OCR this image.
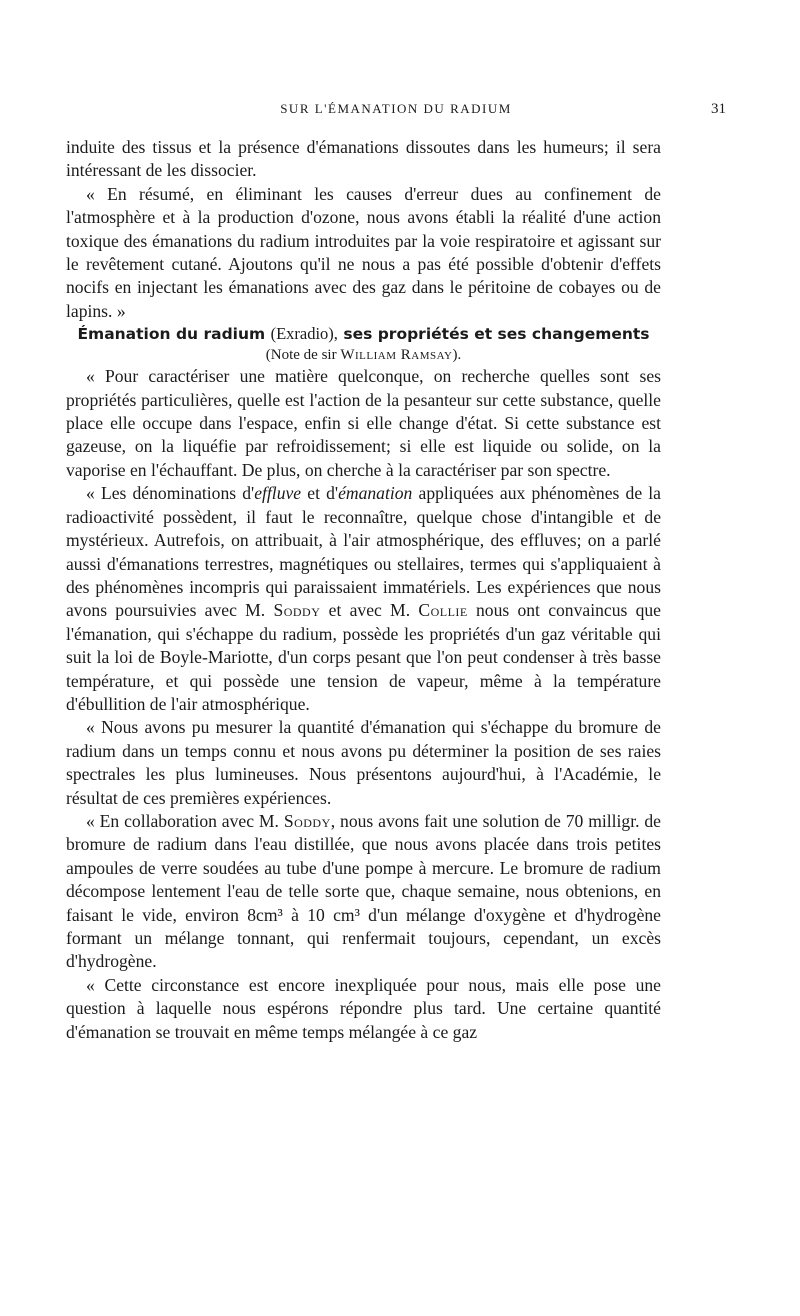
SUR L'ÉMANATION DU RADIUM	31

induite des tissus et la présence d'émanations dissoutes dans les humeurs; il sera intéressant de les dissocier.

« En résumé, en éliminant les causes d'erreur dues au confinement de l'atmosphère et à la production d'ozone, nous avons établi la réalité d'une action toxique des émanations du radium introduites par la voie respiratoire et agissant sur le revêtement cutané. Ajoutons qu'il ne nous a pas été possible d'obtenir d'effets nocifs en injectant les émanations avec des gaz dans le péritoine de cobayes ou de lapins. »

Émanation du radium (Exradio), ses propriétés et ses changements

(Note de sir William Ramsay).

« Pour caractériser une matière quelconque, on recherche quelles sont ses propriétés particulières, quelle est l'action de la pesanteur sur cette substance, quelle place elle occupe dans l'espace, enfin si elle change d'état. Si cette substance est gazeuse, on la liquéfie par refroidissement; si elle est liquide ou solide, on la vaporise en l'échauffant. De plus, on cherche à la caractériser par son spectre.

« Les dénominations d'effluve et d'émanation appliquées aux phénomènes de la radioactivité possèdent, il faut le reconnaître, quelque chose d'intangible et de mystérieux. Autrefois, on attribuait, à l'air atmosphérique, des effluves; on a parlé aussi d'émanations terrestres, magnétiques ou stellaires, termes qui s'appliquaient à des phénomènes incompris qui paraissaient immatériels. Les expériences que nous avons poursuivies avec M. Soddy et avec M. Collie nous ont convaincus que l'émanation, qui s'échappe du radium, possède les propriétés d'un gaz véritable qui suit la loi de Boyle-Mariotte, d'un corps pesant que l'on peut condenser à très basse température, et qui possède une tension de vapeur, même à la température d'ébullition de l'air atmosphérique.

« Nous avons pu mesurer la quantité d'émanation qui s'échappe du bromure de radium dans un temps connu et nous avons pu déterminer la position de ses raies spectrales les plus lumineuses. Nous présentons aujourd'hui, à l'Académie, le résultat de ces premières expériences.

« En collaboration avec M. Soddy, nous avons fait une solution de 70 milligr. de bromure de radium dans l'eau distillée, que nous avons placée dans trois petites ampoules de verre soudées au tube d'une pompe à mercure. Le bromure de radium décompose lentement l'eau de telle sorte que, chaque semaine, nous obtenions, en faisant le vide, environ 8cm³ à 10 cm³ d'un mélange d'oxygène et d'hydrogène formant un mélange tonnant, qui renfermait toujours, cependant, un excès d'hydrogène.

« Cette circonstance est encore inexpliquée pour nous, mais elle pose une question à laquelle nous espérons répondre plus tard. Une certaine quantité d'émanation se trouvait en même temps mélangée à ce gaz
